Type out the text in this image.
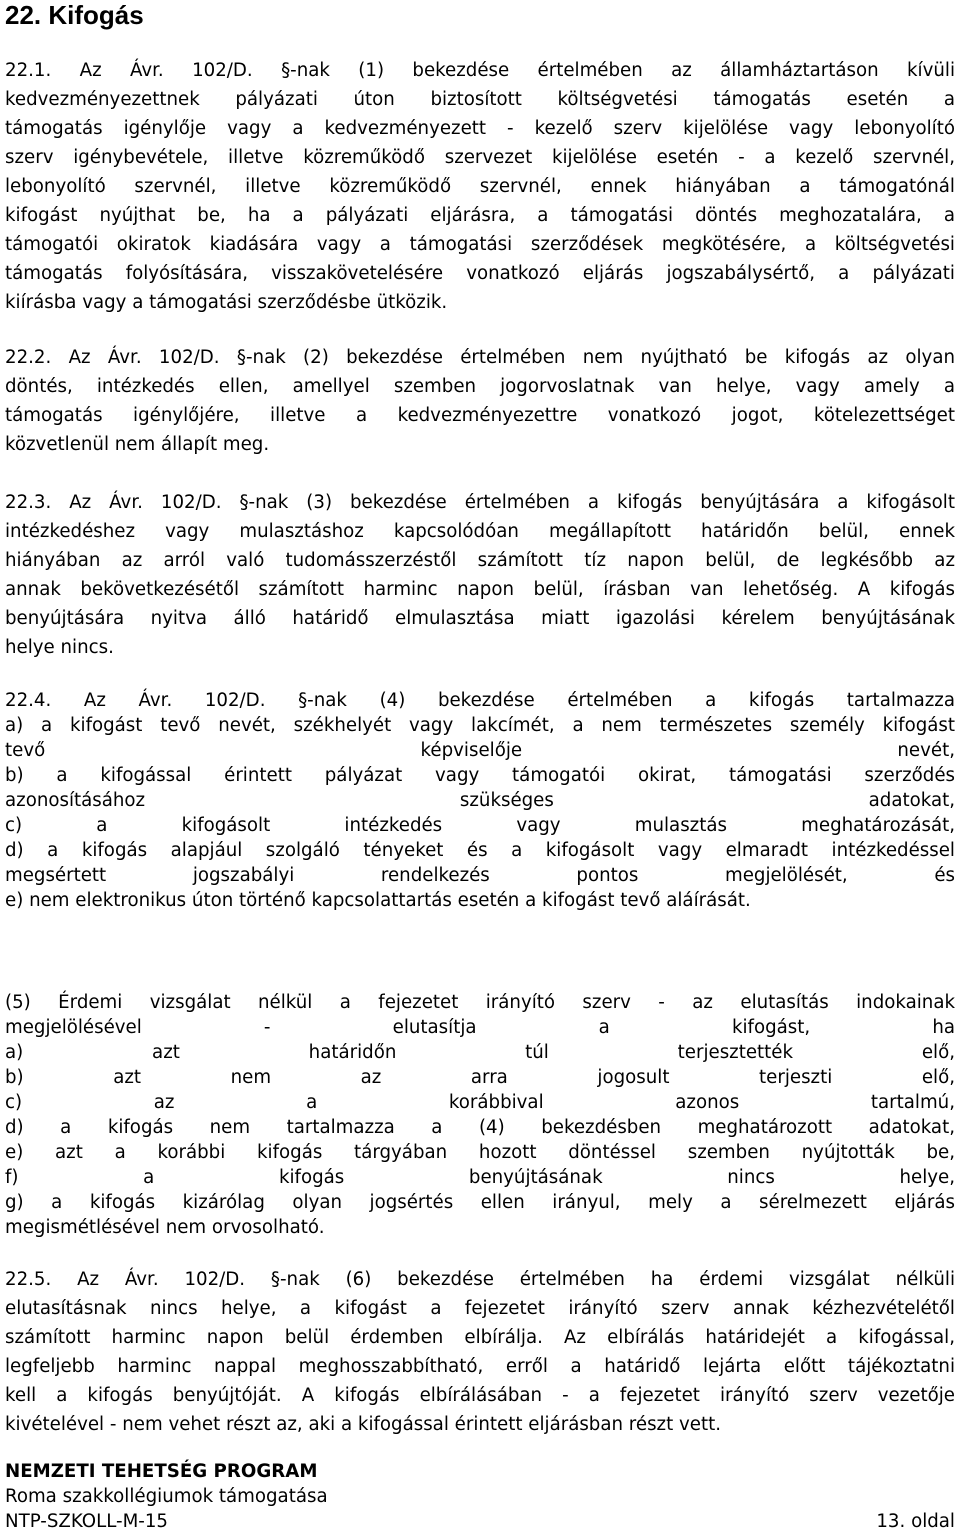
22. Kifogás
22.1. Az Ávr. 102/D. §-nak (1) bekezdése értelmében az államháztartáson kívüli
kedvezményezettnek pályázati úton biztosított költségvetési támogatás esetén a
támogatás igénylője vagy a kedvezményezett - kezelő szerv kijelölése vagy lebonyolító
szerv igénybevétele, illetve közreműködő szervezet kijelölése esetén - a kezelő szervnél,
lebonyolító szervnél, illetve közreműködő szervnél, ennek hiányában a támogatónál
kifogást nyújthat be, ha a pályázati eljárásra, a támogatási döntés meghozatalára, a
támogatói okiratok kiadására vagy a támogatási szerződések megkötésére, a költségvetési
támogatás folyósítására, visszakövetelésére vonatkozó eljárás jogszabálysértő, a pályázati
kiírásba vagy a támogatási szerződésbe ütközik.
22.2. Az Ávr. 102/D. §-nak (2) bekezdése értelmében nem nyújtható be kifogás az olyan
döntés, intézkedés ellen, amellyel szemben jogorvoslatnak van helye, vagy amely a
támogatás igénylőjére, illetve a kedvezményezettre vonatkozó jogot, kötelezettséget
közvetlenül nem állapít meg.
22.3. Az Ávr. 102/D. §-nak (3) bekezdése értelmében a kifogás benyújtására a kifogásolt
intézkedéshez vagy mulasztáshoz kapcsolódóan megállapított határidőn belül, ennek
hiányában az arról való tudomásszerzéstől számított tíz napon belül, de legkésőbb az
annak bekövetkezésétől számított harminc napon belül, írásban van lehetőség. A kifogás
benyújtására nyitva álló határidő elmulasztása miatt igazolási kérelem benyújtásának
helye nincs.
22.4. Az Ávr. 102/D. §-nak (4) bekezdése értelmében a kifogás tartalmazza
a) a kifogást tevő nevét, székhelyét vagy lakcímét, a nem természetes személy kifogást
tevő képviselője nevét,
b) a kifogással érintett pályázat vagy támogatói okirat, támogatási szerződés
azonosításához szükséges adatokat,
c) a kifogásolt intézkedés vagy mulasztás meghatározását,
d) a kifogás alapjául szolgáló tényeket és a kifogásolt vagy elmaradt intézkedéssel
megsértett jogszabályi rendelkezés pontos megjelölését, és
e) nem elektronikus úton történő kapcsolattartás esetén a kifogást tevő aláírását.
(5) Érdemi vizsgálat nélkül a fejezetet irányító szerv - az elutasítás indokainak
megjelölésével - elutasítja a kifogást, ha
a) azt határidőn túl terjesztették elő,
b) azt nem az arra jogosult terjeszti elő,
c) az a korábbival azonos tartalmú,
d) a kifogás nem tartalmazza a (4) bekezdésben meghatározott adatokat,
e) azt a korábbi kifogás tárgyában hozott döntéssel szemben nyújtották be,
f) a kifogás benyújtásának nincs helye,
g) a kifogás kizárólag olyan jogsértés ellen irányul, mely a sérelmezett eljárás
megismétlésével nem orvosolható.
22.5. Az Ávr. 102/D. §-nak (6) bekezdése értelmében ha érdemi vizsgálat nélküli
elutasításnak nincs helye, a kifogást a fejezetet irányító szerv annak kézhezvételétől
számított harminc napon belül érdemben elbírálja. Az elbírálás határidejét a kifogással,
legfeljebb harminc nappal meghosszabbítható, erről a határidő lejárta előtt tájékoztatni
kell a kifogás benyújtóját. A kifogás elbírálásában - a fejezetet irányító szerv vezetője
kivételével - nem vehet részt az, aki a kifogással érintett eljárásban részt vett.
NEMZETI TEHETSÉG PROGRAM
Roma szakkollégiumok támogatása
NTP-SZKOLL-M-15	13. oldal
